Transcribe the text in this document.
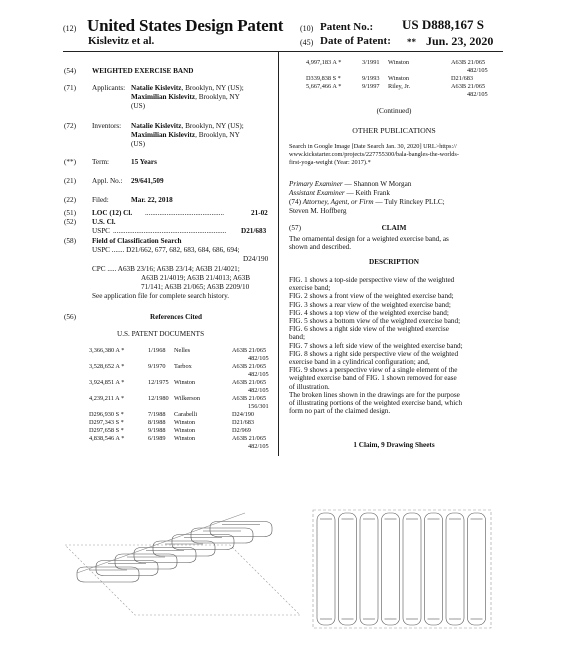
(12) United States Design Patent
Kislevitz et al.
(10) Patent No.: US D888,167 S
(45) Date of Patent: ** Jun. 23, 2020
(54) WEIGHTED EXERCISE BAND
(71) Applicants: Natalie Kislevitz, Brooklyn, NY (US);
Maximilian Kislevitz, Brooklyn, NY
(US)
(72) Inventors: Natalie Kislevitz, Brooklyn, NY (US);
Maximilian Kislevitz, Brooklyn, NY
(US)
(**) Term:	15 Years
(21) Appl. No.: 29/641,509
(22) Filed:	Mar. 22, 2018
(51) LOC (12) Cl. ............................................	21-02
(52) U.S. Cl.
USPC ............................................................... D21/683
(58) Field of Classification Search
USPC ....... D21/662, 677, 682, 683, 684, 686, 694;
D24/190
CPC ..... A63B 23/16; A63B 23/14; A63B 21/4021;
A63B 21/4019; A63B 21/4013; A63B
71/141; A63B 21/065; A63B 2209/10
See application file for complete search history.
(56)	References Cited
U.S. PATENT DOCUMENTS
3,366,380 A *	1/1968 Nelles	A63B 21/065
482/105
3,528,652 A *	9/1970 Tarbox	A63B 21/065
482/105
3,924,851 A *	12/1975 Winston	A63B 21/065
482/105
4,239,211 A *	12/1980 Wilkerson	A63B 21/065
156/301
D296,930 S *	7/1988 Carabelli	D24/190
D297,343 S *	8/1988 Winston	D21/683
D297,658 S *	9/1988 Winston	D2/969
4,838,546 A *	6/1989 Winston	A63B 21/065
482/105
4,997,183 A *	3/1991 Winston	A63B 21/065
482/105
D339,838 S *	9/1993 Winston	D21/683
5,667,466 A *	9/1997 Riley, Jr.	A63B 21/065
482/105
(Continued)
OTHER PUBLICATIONS
Search in Google Image [Date Search Jan. 30, 2020] URL>https://
www.kickstarter.com/projects/227755300/bala-bangles-the-worlds-
first-yoga-weight (Year: 2017).*
Primary Examiner — Shannon W Morgan
Assistant Examiner — Keith Frank
(74) Attorney, Agent, or Firm — Tuly Rinckey PLLC;
Steven M. Hoffberg
(57)	CLAIM
The ornamental design for a weighted exercise band, as
shown and described.
DESCRIPTION
FIG. 1 shows a top-side perspective view of the weighted
exercise band;
FIG. 2 shows a front view of the weighted exercise band;
FIG. 3 shows a rear view of the weighted exercise band;
FIG. 4 shows a top view of the weighted exercise band;
FIG. 5 shows a bottom view of the weighted exercise band;
FIG. 6 shows a right side view of the weighted exercise
band;
FIG. 7 shows a left side view of the weighted exercise band;
FIG. 8 shows a right side perspective view of the weighted
exercise band in a cylindrical configuration; and,
FIG. 9 shows a perspective view of a single element of the
weighted exercise band of FIG. 1 shown removed for ease
of illustration.
The broken lines shown in the drawings are for the purpose
of illustrating portions of the weighted exercise band, which
form no part of the claimed design.
1 Claim, 9 Drawing Sheets
